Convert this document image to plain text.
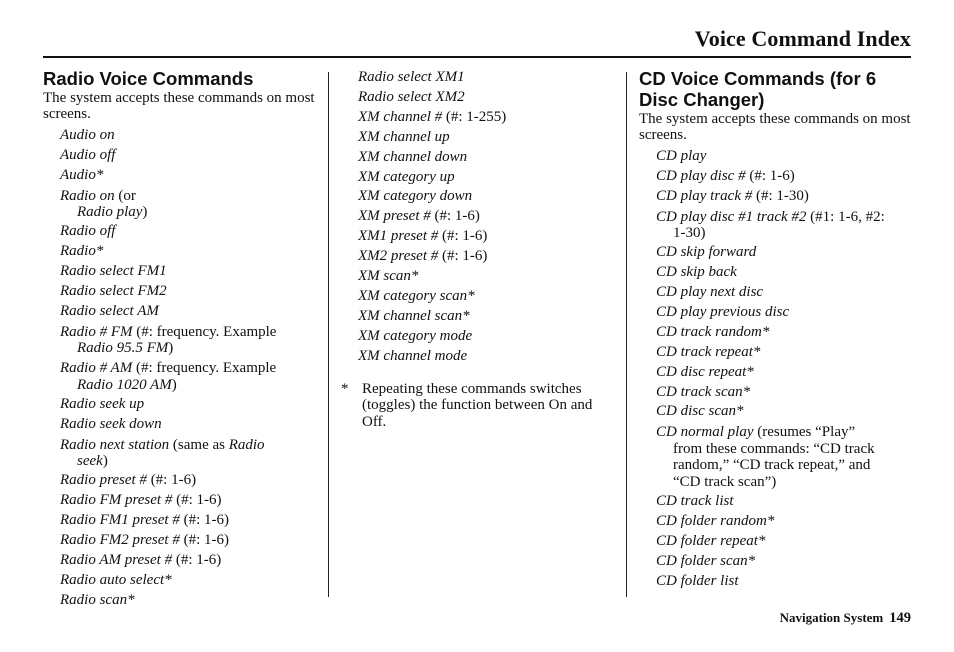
Voice Command Index
Radio Voice Commands
The system accepts these commands on most screens.
Audio on
Audio off
Audio*
Radio on (or
Radio play)
Radio off
Radio*
Radio select FM1
Radio select FM2
Radio select AM
Radio # FM (#: frequency. Example
Radio 95.5 FM)
Radio # AM (#: frequency. Example
Radio 1020 AM)
Radio seek up
Radio seek down
Radio next station (same as Radio
seek)
Radio preset # (#: 1-6)
Radio FM preset # (#: 1-6)
Radio FM1 preset # (#: 1-6)
Radio FM2 preset # (#: 1-6)
Radio AM preset # (#: 1-6)
Radio auto select*
Radio scan*
Radio select XM1
Radio select XM2
XM channel # (#: 1-255)
XM channel up
XM channel down
XM category up
XM category down
XM preset # (#: 1-6)
XM1 preset # (#: 1-6)
XM2 preset # (#: 1-6)
XM scan*
XM category scan*
XM channel scan*
XM category mode
XM channel mode
* Repeating these commands switches (toggles) the function between On and Off.
CD Voice Commands (for 6 Disc Changer)
The system accepts these commands on most screens.
CD play
CD play disc # (#: 1-6)
CD play track # (#: 1-30)
CD play disc #1 track #2 (#1: 1-6, #2:
1-30)
CD skip forward
CD skip back
CD play next disc
CD play previous disc
CD track random*
CD track repeat*
CD disc repeat*
CD track scan*
CD disc scan*
CD normal play (resumes “Play”
from these commands: “CD track
random,” “CD track repeat,” and
“CD track scan”)
CD track list
CD folder random*
CD folder repeat*
CD folder scan*
CD folder list
Navigation System 149
